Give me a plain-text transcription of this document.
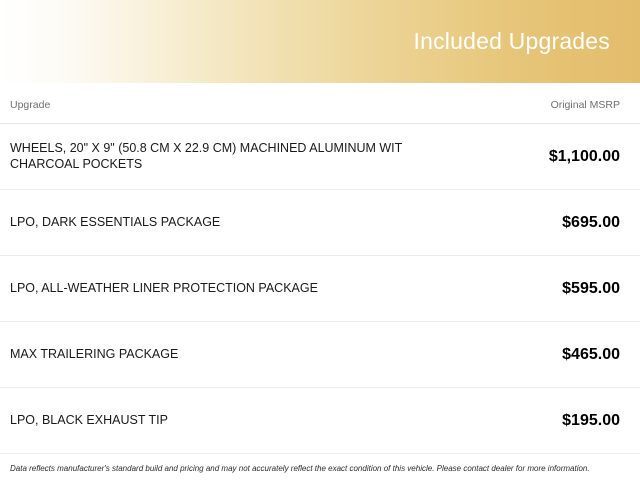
Included Upgrades
Upgrade	Original MSRP
WHEELS, 20" X 9" (50.8 CM X 22.9 CM) MACHINED ALUMINUM WIT CHARCOAL POCKETS	$1,100.00
LPO, DARK ESSENTIALS PACKAGE	$695.00
LPO, ALL-WEATHER LINER PROTECTION PACKAGE	$595.00
MAX TRAILERING PACKAGE	$465.00
LPO, BLACK EXHAUST TIP	$195.00
Data reflects manufacturer's standard build and pricing and may not accurately reflect the exact condition of this vehicle. Please contact dealer for more information.
